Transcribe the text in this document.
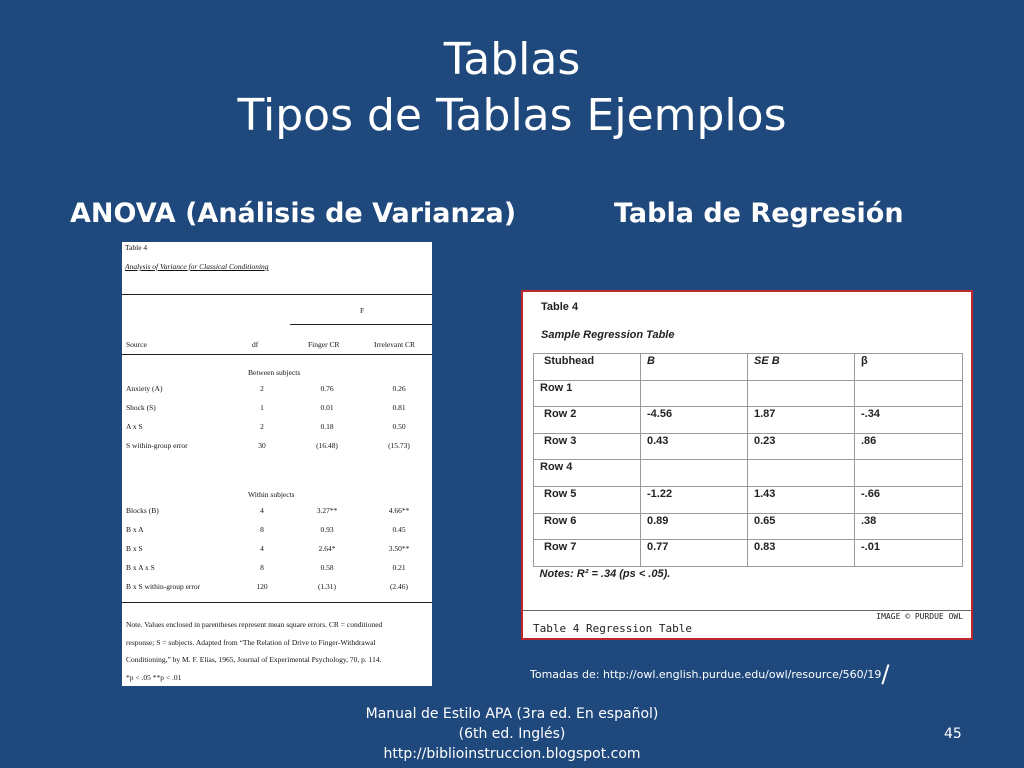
Tablas
Tipos de Tablas Ejemplos
ANOVA (Análisis de Varianza)	Tabla de Regresión
Table 4
Analysis of Variance for Classical Conditioning
F
Source	df	Finger CR	Irrelevant CR
Between subjects
Anxiety (A)	2	0.76	0.26
Shock (S)	1	0.01	0.81
A x S	2	0.18	0.50
S within-group error	30	(16.48)	(15.73)
Within subjects
Blocks (B)	4	3.27**	4.66**
B x A	8	0.93	0.45
B x S	4	2.64*	3.50**
B x A x S	8	0.58	0.21
B x S within-group error	120	(1.31)	(2.46)
Note. Values enclosed in parentheses represent mean square errors. CR = conditioned
response; S = subjects. Adapted from “The Relation of Drive to Finger-Withdrawal
Conditioning,” by M. F. Elias, 1965, Journal of Experimental Psychology, 70, p. 114.
*p < .05 **p < .01
Table 4
Sample Regression Table
Stubhead	B	SE B	β
Row 1			
Row 2	-4.56	1.87	-.34
Row 3	0.43	0.23	.86
Row 4			
Row 5	-1.22	1.43	-.66
Row 6	0.89	0.65	.38
Row 7	0.77	0.83	-.01
Notes: R² = .34 (ps < .05).			
IMAGE © PURDUE OWL
Table 4 Regression Table
Tomadas de: http://owl.english.purdue.edu/owl/resource/560/19/
Manual de Estilo APA (3ra ed. En español)
(6th ed. Inglés)
http://biblioinstruccion.blogspot.com
45
